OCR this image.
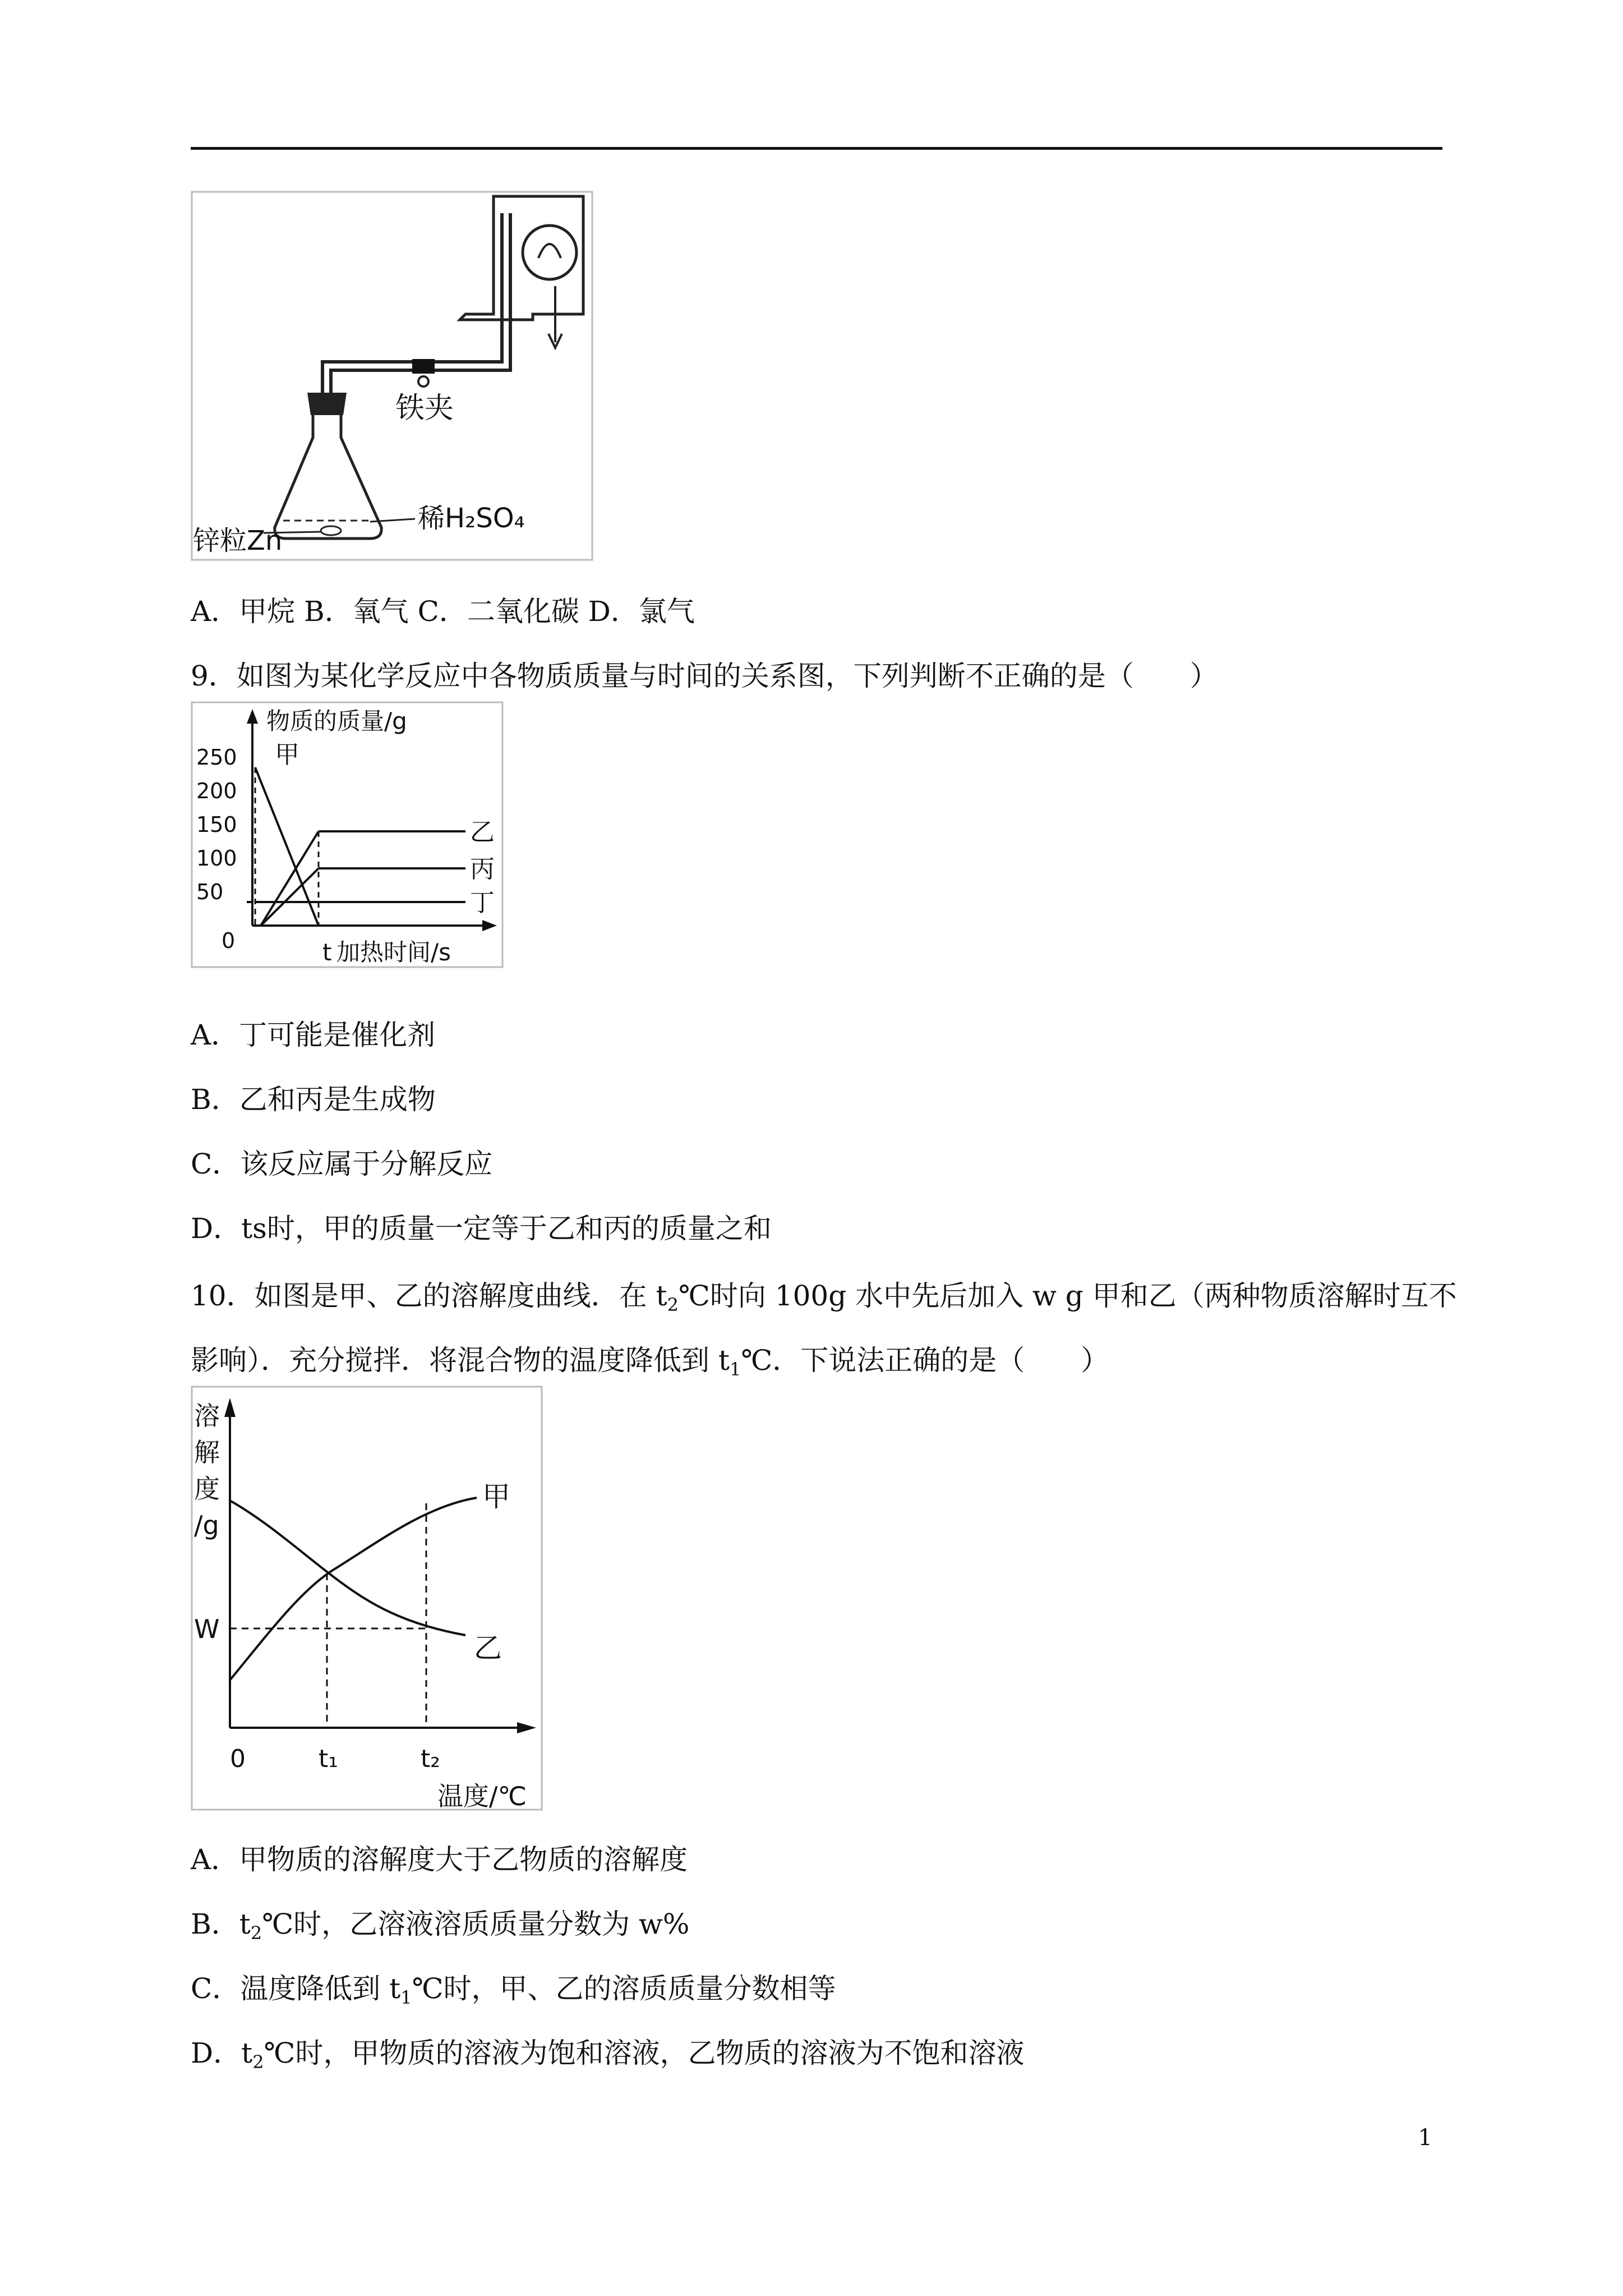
铁夹
稀H₂SO₄
锌粒Zn
A．甲烷 B．氧气 C．二氧化碳 D．氯气
9．如图为某化学反应中各物质质量与时间的关系图，下列判断不正确的是（　　）
物质的质量/g
加热时间/s
0	t
250
200
150
100
50
甲
乙
丙
丁
A．丁可能是催化剂
B．乙和丙是生成物
C．该反应属于分解反应
D．ts时，甲的质量一定等于乙和丙的质量之和
10．如图是甲、乙的溶解度曲线．在 $t_2℃$时向 100g 水中先后加入 w g 甲和乙（两种物质溶解时互不
影响）．充分搅拌．将混合物的温度降低到 $t_1℃$．下说法正确的是（　　）
溶
解
度
/g
W
0	t₁	t₂
温度/℃
甲
乙
A．甲物质的溶解度大于乙物质的溶解度
B．$t_2℃$时，乙溶液溶质质量分数为 w%
C．温度降低到 $t_1℃$时，甲、乙的溶质质量分数相等
D．$t_2℃$时，甲物质的溶液为饱和溶液，乙物质的溶液为不饱和溶液
1
